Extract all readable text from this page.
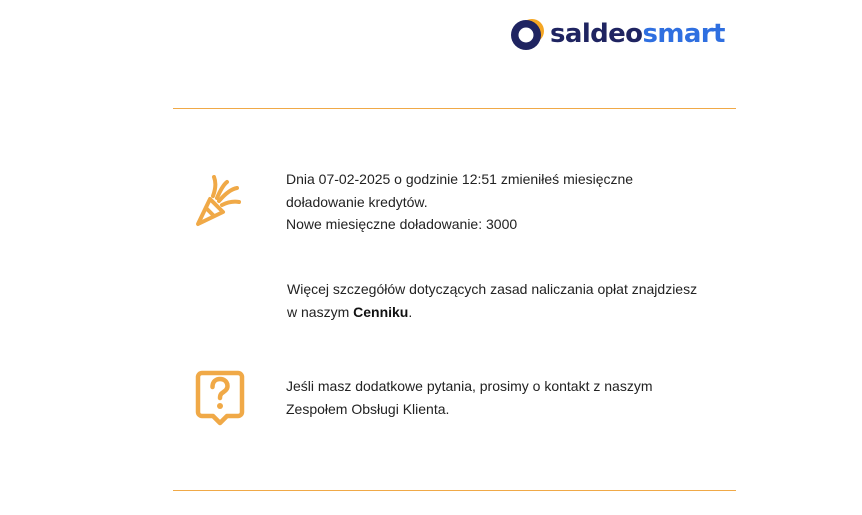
saldeosmart

Dnia 07-02-2025 o godzinie 12:51 zmieniłeś miesięczne doładowanie kredytów.

Nowe miesięczne doładowanie: 3000

Więcej szczegółów dotyczących zasad naliczania opłat znajdziesz w naszym Cenniku.

Jeśli masz dodatkowe pytania, prosimy o kontakt z naszym Zespołem Obsługi Klienta.
